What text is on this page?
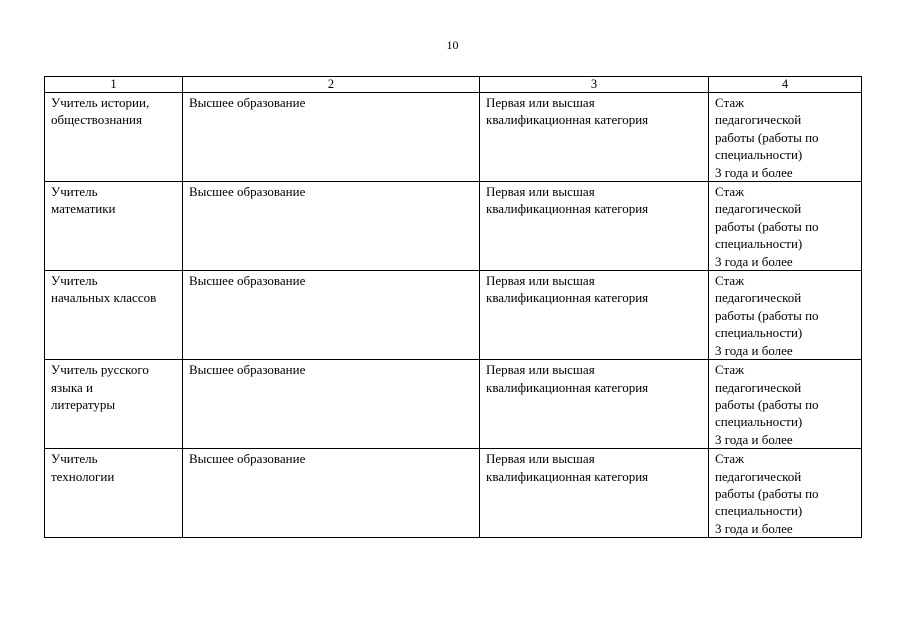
10
1	2	3	4
Учитель истории,
обществознания	Высшее образование	Первая или высшая
квалификационная категория	Стаж
педагогической
работы (работы по
специальности)
3 года и более
Учитель
математики	Высшее образование	Первая или высшая
квалификационная категория	Стаж
педагогической
работы (работы по
специальности)
3 года и более
Учитель
начальных классов	Высшее образование	Первая или высшая
квалификационная категория	Стаж
педагогической
работы (работы по
специальности)
3 года и более
Учитель русского
языка и
литературы	Высшее образование	Первая или высшая
квалификационная категория	Стаж
педагогической
работы (работы по
специальности)
3 года и более
Учитель
технологии	Высшее образование	Первая или высшая
квалификационная категория	Стаж
педагогической
работы (работы по
специальности)
3 года и более
